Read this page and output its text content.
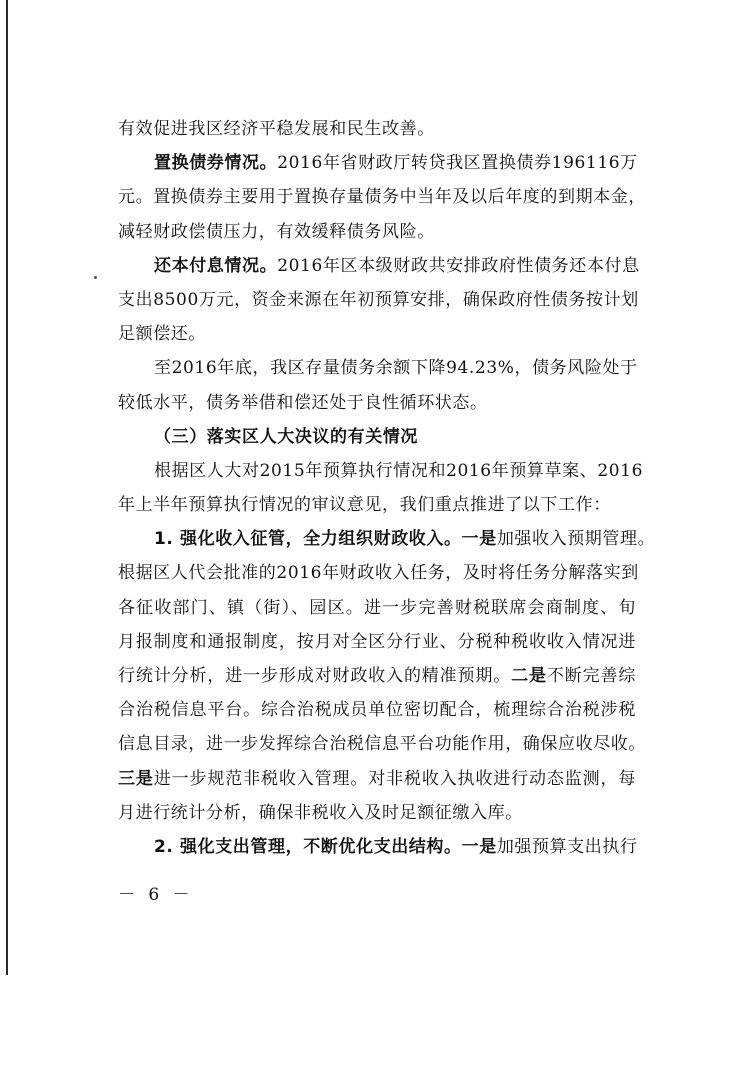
有效促进我区经济平稳发展和民生改善。
置换债券情况。2016年省财政厅转贷我区置换债券196116万
元。置换债券主要用于置换存量债务中当年及以后年度的到期本金，
减轻财政偿债压力，有效缓释债务风险。
还本付息情况。2016年区本级财政共安排政府性债务还本付息
支出8500万元，资金来源在年初预算安排，确保政府性债务按计划
足额偿还。
至2016年底，我区存量债务余额下降94.23%，债务风险处于
较低水平，债务举借和偿还处于良性循环状态。
（三）落实区人大决议的有关情况
根据区人大对2015年预算执行情况和2016年预算草案、2016
年上半年预算执行情况的审议意见，我们重点推进了以下工作：
1. 强化收入征管，全力组织财政收入。一是加强收入预期管理。
根据区人代会批准的2016年财政收入任务，及时将任务分解落实到
各征收部门、镇（街）、园区。进一步完善财税联席会商制度、旬
月报制度和通报制度，按月对全区分行业、分税种税收收入情况进
行统计分析，进一步形成对财政收入的精准预期。二是不断完善综
合治税信息平台。综合治税成员单位密切配合，梳理综合治税涉税
信息目录，进一步发挥综合治税信息平台功能作用，确保应收尽收。
三是进一步规范非税收入管理。对非税收入执收进行动态监测，每
月进行统计分析，确保非税收入及时足额征缴入库。
2. 强化支出管理，不断优化支出结构。一是加强预算支出执行
－ 6 －
